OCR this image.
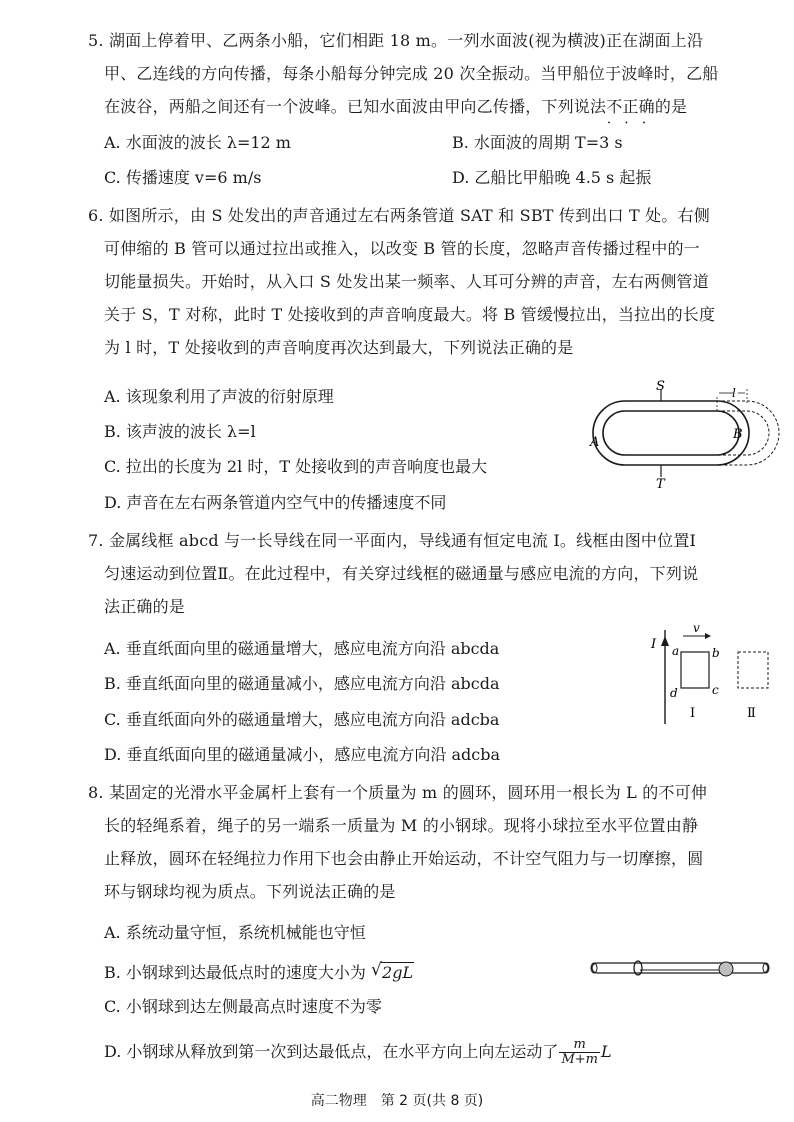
5. 湖面上停着甲、乙两条小船，它们相距 18 m。一列水面波(视为横波)正在湖面上沿
甲、乙连线的方向传播，每条小船每分钟完成 20 次全振动。当甲船位于波峰时，乙船
在波谷，两船之间还有一个波峰。已知水面波由甲向乙传播，下列说法不正确 • • •的是
A. 水面波的波长 λ=12 m	B. 水面波的周期 T=3 s
C. 传播速度 v=6 m/s	D. 乙船比甲船晚 4.5 s 起振
6. 如图所示，由 S 处发出的声音通过左右两条管道 SAT 和 SBT 传到出口 T 处。右侧
可伸缩的 B 管可以通过拉出或推入，以改变 B 管的长度，忽略声音传播过程中的一
切能量损失。开始时，从入口 S 处发出某一频率、人耳可分辨的声音，左右两侧管道
关于 S，T 对称，此时 T 处接收到的声音响度最大。将 B 管缓慢拉出，当拉出的长度
为 l 时，T 处接收到的声音响度再次达到最大，下列说法正确的是
A. 该现象利用了声波的衍射原理
B. 该声波的波长 λ=l
C. 拉出的长度为 2l 时，T 处接收到的声音响度也最大
D. 声音在左右两条管道内空气中的传播速度不同
S
T
A
B
l
7. 金属线框 abcd 与一长导线在同一平面内，导线通有恒定电流 I。线框由图中位置Ⅰ
匀速运动到位置Ⅱ。在此过程中，有关穿过线框的磁通量与感应电流的方向，下列说
法正确的是
A. 垂直纸面向里的磁通量增大，感应电流方向沿 abcda
B. 垂直纸面向里的磁通量减小，感应电流方向沿 abcda
C. 垂直纸面向外的磁通量增大，感应电流方向沿 adcba
D. 垂直纸面向里的磁通量减小，感应电流方向沿 adcba
I
v
a	b
c
d
Ⅰ	Ⅱ
8. 某固定的光滑水平金属杆上套有一个质量为 m 的圆环，圆环用一根长为 L 的不可伸
长的轻绳系着，绳子的另一端系一质量为 M 的小钢球。现将小球拉至水平位置由静
止释放，圆环在轻绳拉力作用下也会由静止开始运动，不计空气阻力与一切摩擦，圆
环与钢球均视为质点。下列说法正确的是
A. 系统动量守恒，系统机械能也守恒
B. 小钢球到达最低点时的速度大小为 √ 2gL
C. 小钢球到达左侧最高点时速度不为零
D. 小钢球从释放到第一次到达最低点，在水平方向上向左运动了 $\frac{m}{M+m}$ L
高二物理　第 2 页(共 8 页)
